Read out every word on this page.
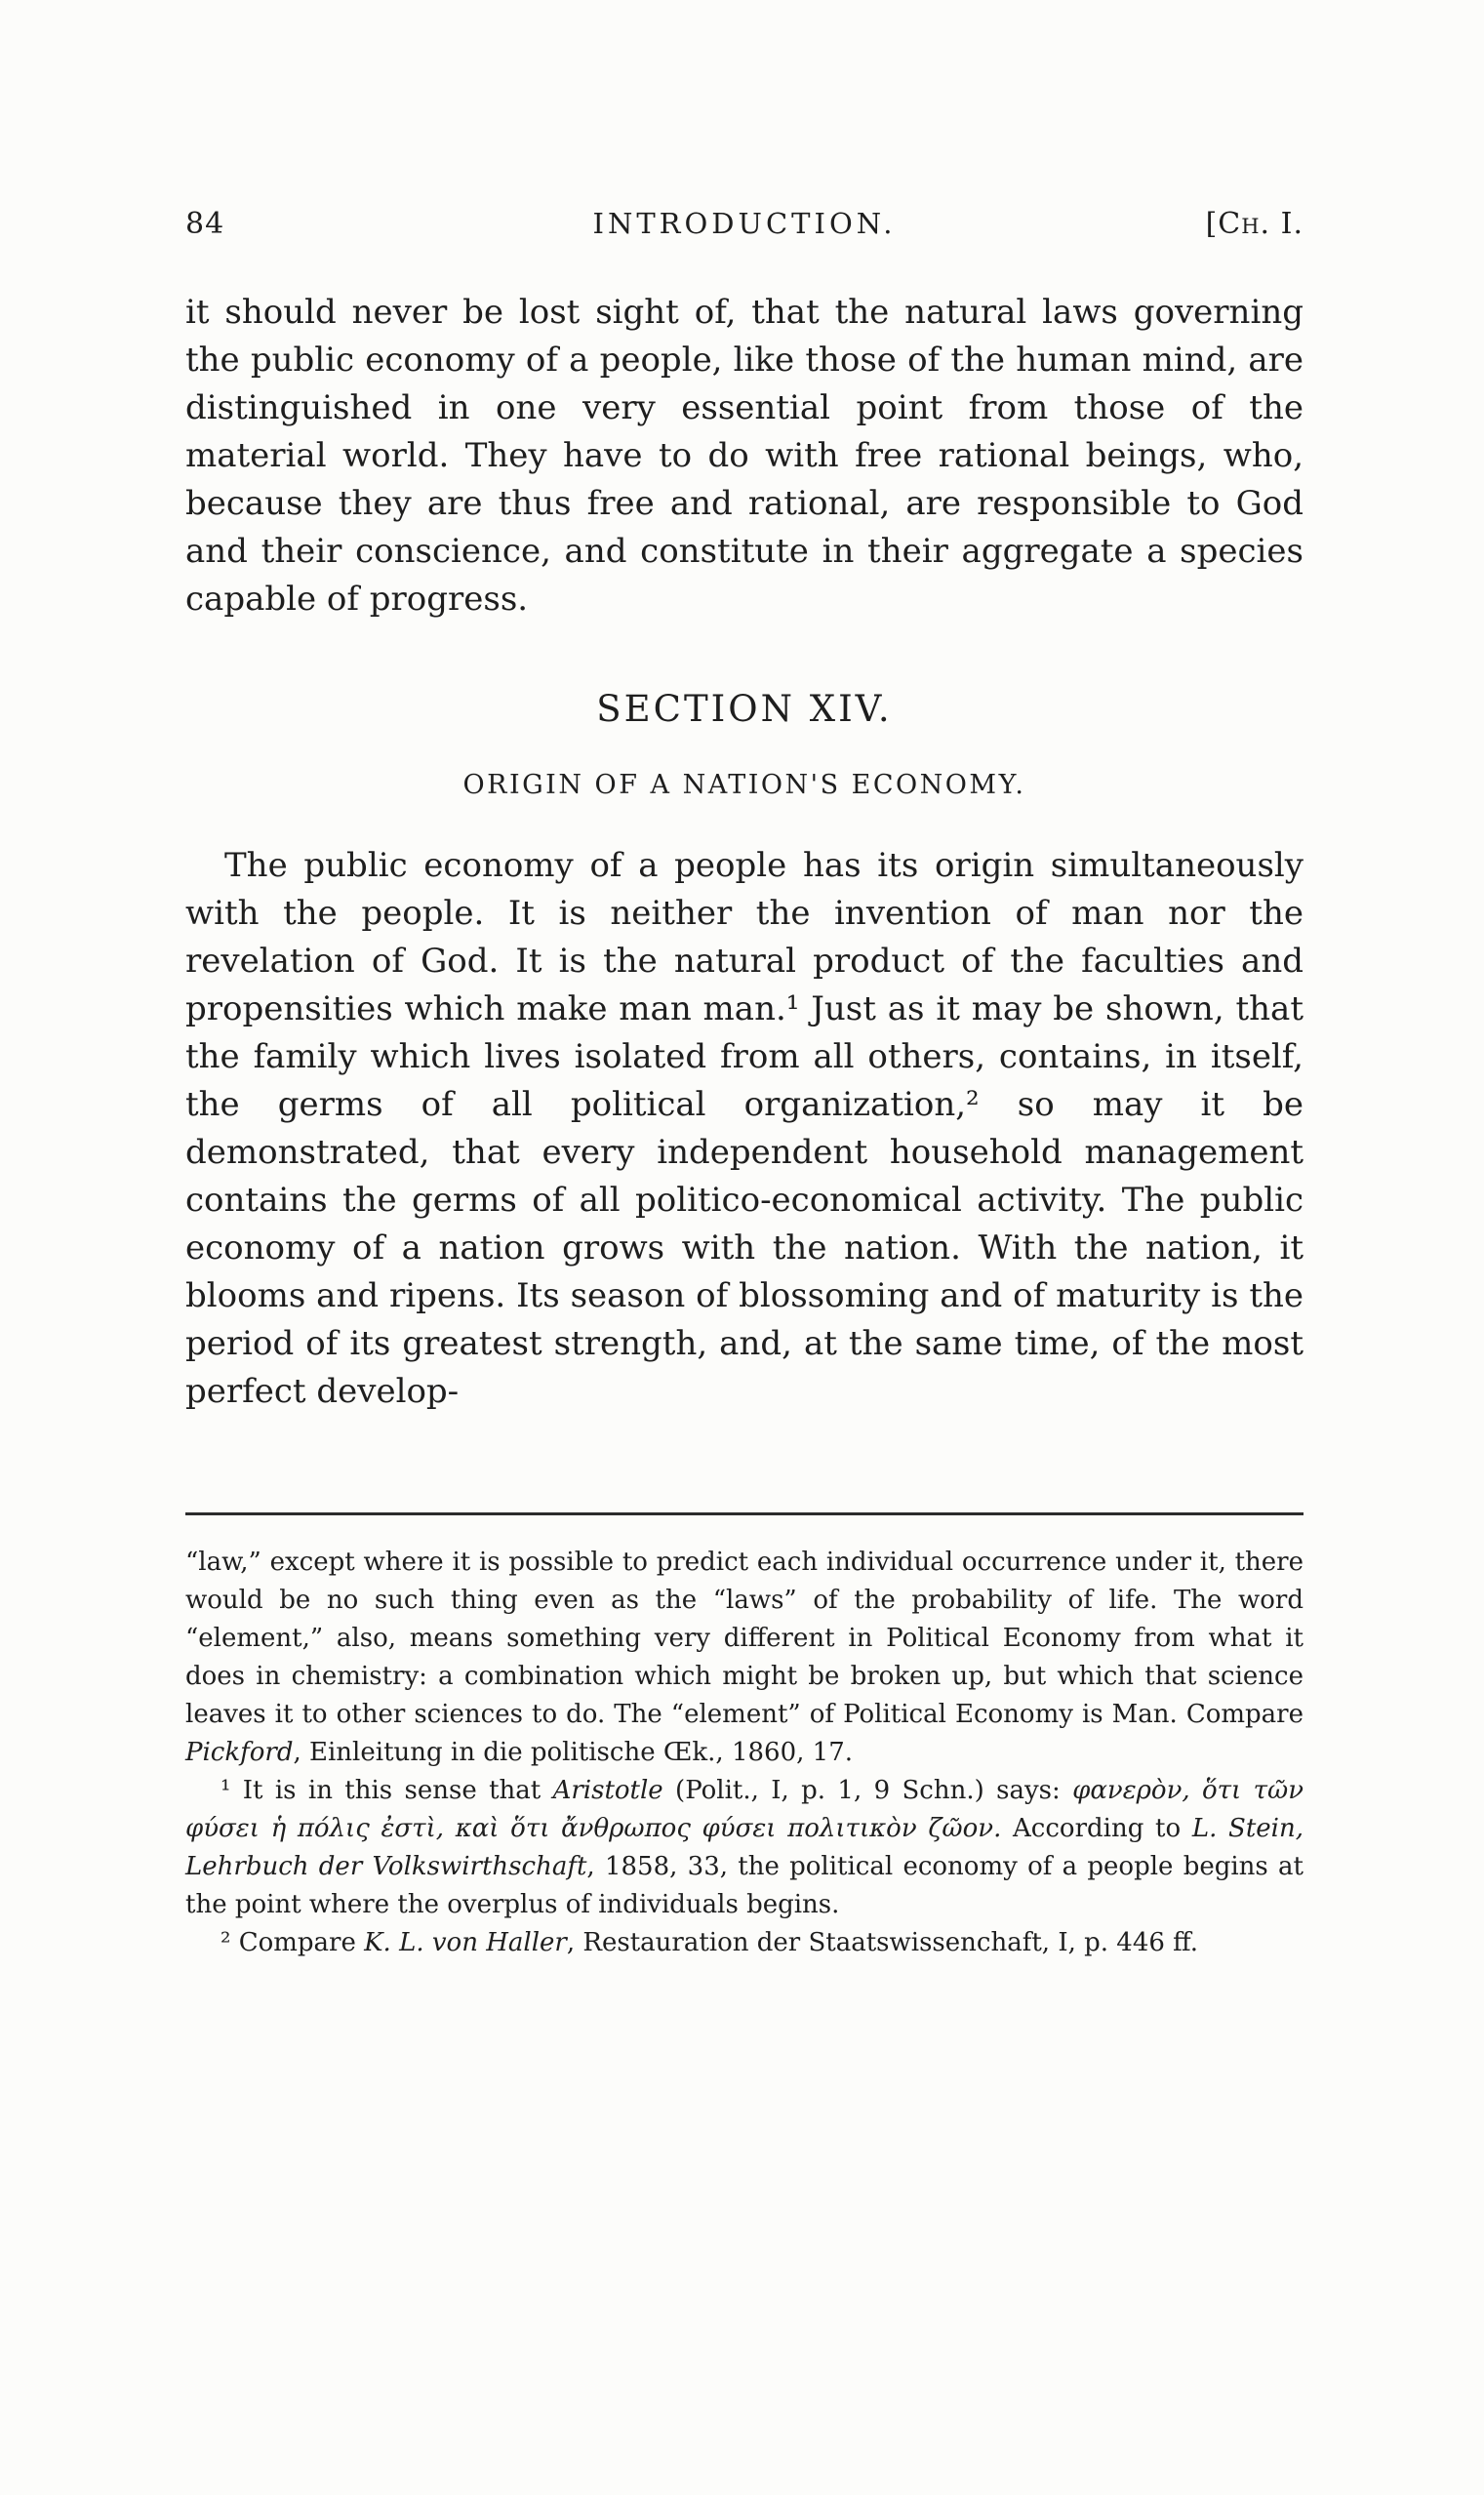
84	INTRODUCTION.	[Ch. I.

it should never be lost sight of, that the natural laws governing the public economy of a people, like those of the human mind, are distinguished in one very essential point from those of the material world. They have to do with free rational beings, who, because they are thus free and rational, are responsible to God and their conscience, and constitute in their aggregate a species capable of progress.

SECTION XIV.
ORIGIN OF A NATION'S ECONOMY.

The public economy of a people has its origin simultaneously with the people. It is neither the invention of man nor the revelation of God. It is the natural product of the faculties and propensities which make man man.¹ Just as it may be shown, that the family which lives isolated from all others, contains, in itself, the germs of all political organization,² so may it be demonstrated, that every independent household management contains the germs of all politico-economical activity. The public economy of a nation grows with the nation. With the nation, it blooms and ripens. Its season of blossoming and of maturity is the period of its greatest strength, and, at the same time, of the most perfect develop-

“law,” except where it is possible to predict each individual occurrence under it, there would be no such thing even as the “laws” of the probability of life. The word “element,” also, means something very different in Political Economy from what it does in chemistry: a combination which might be broken up, but which that science leaves it to other sciences to do. The “element” of Political Economy is Man. Compare Pickford, Einleitung in die politische Œk., 1860, 17.

¹ It is in this sense that Aristotle (Polit., I, p. 1, 9 Schn.) says: φανερὸν, ὅτι τῶν φύσει ἡ πόλις ἐστὶ, καὶ ὅτι ἄνθρωπος φύσει πολιτικὸν ζῶον. According to L. Stein, Lehrbuch der Volkswirthschaft, 1858, 33, the political economy of a people begins at the point where the overplus of individuals begins.

² Compare K. L. von Haller, Restauration der Staatswissenchaft, I, p. 446 ff.
